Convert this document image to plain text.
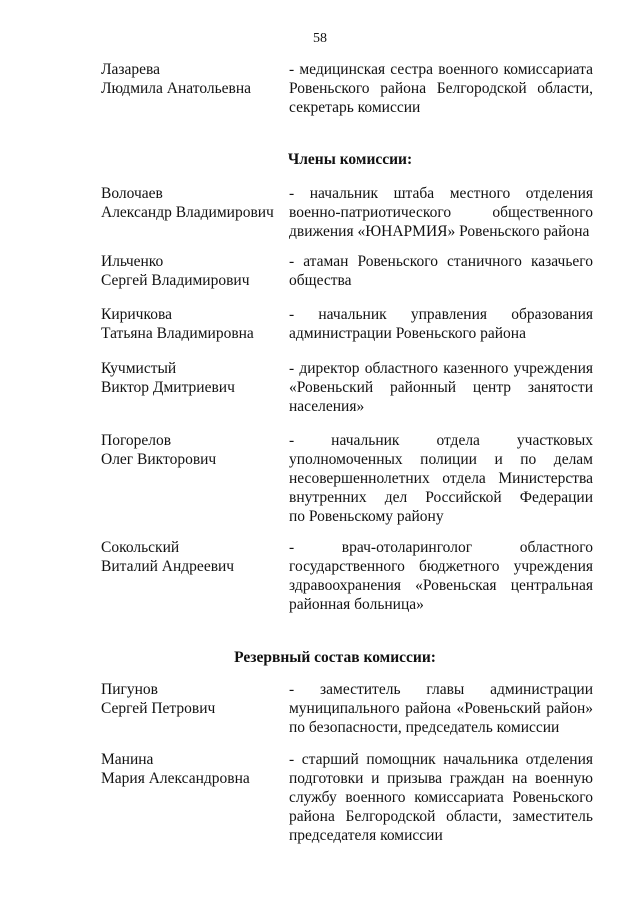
58
Лазарева
Людмила Анатольевна
- медицинская сестра военного комиссариата
Ровеньского района Белгородской области,
секретарь комиссии
Члены комиссии:
Волочаев
Александр Владимирович
- начальник штаба местного отделения
военно-патриотического общественного
движения «ЮНАРМИЯ» Ровеньского района
Ильченко
Сергей Владимирович
- атаман Ровеньского станичного казачьего
общества
Киричкова
Татьяна Владимировна
- начальник управления образования
администрации Ровеньского района
Кучмистый
Виктор Дмитриевич
- директор областного казенного учреждения
«Ровеньский районный центр занятости
населения»
Погорелов
Олег Викторович
- начальник отдела участковых
уполномоченных полиции и по делам
несовершеннолетних отдела Министерства
внутренних дел Российской Федерации
по Ровеньскому району
Сокольский
Виталий Андреевич
- врач-отоларинголог областного
государственного бюджетного учреждения
здравоохранения «Ровеньская центральная
районная больница»
Резервный состав комиссии:
Пигунов
Сергей Петрович
- заместитель главы администрации
муниципального района «Ровеньский район»
по безопасности, председатель комиссии
Манина
Мария Александровна
- старший помощник начальника отделения
подготовки и призыва граждан на военную
службу военного комиссариата Ровеньского
района Белгородской области, заместитель
председателя комиссии
